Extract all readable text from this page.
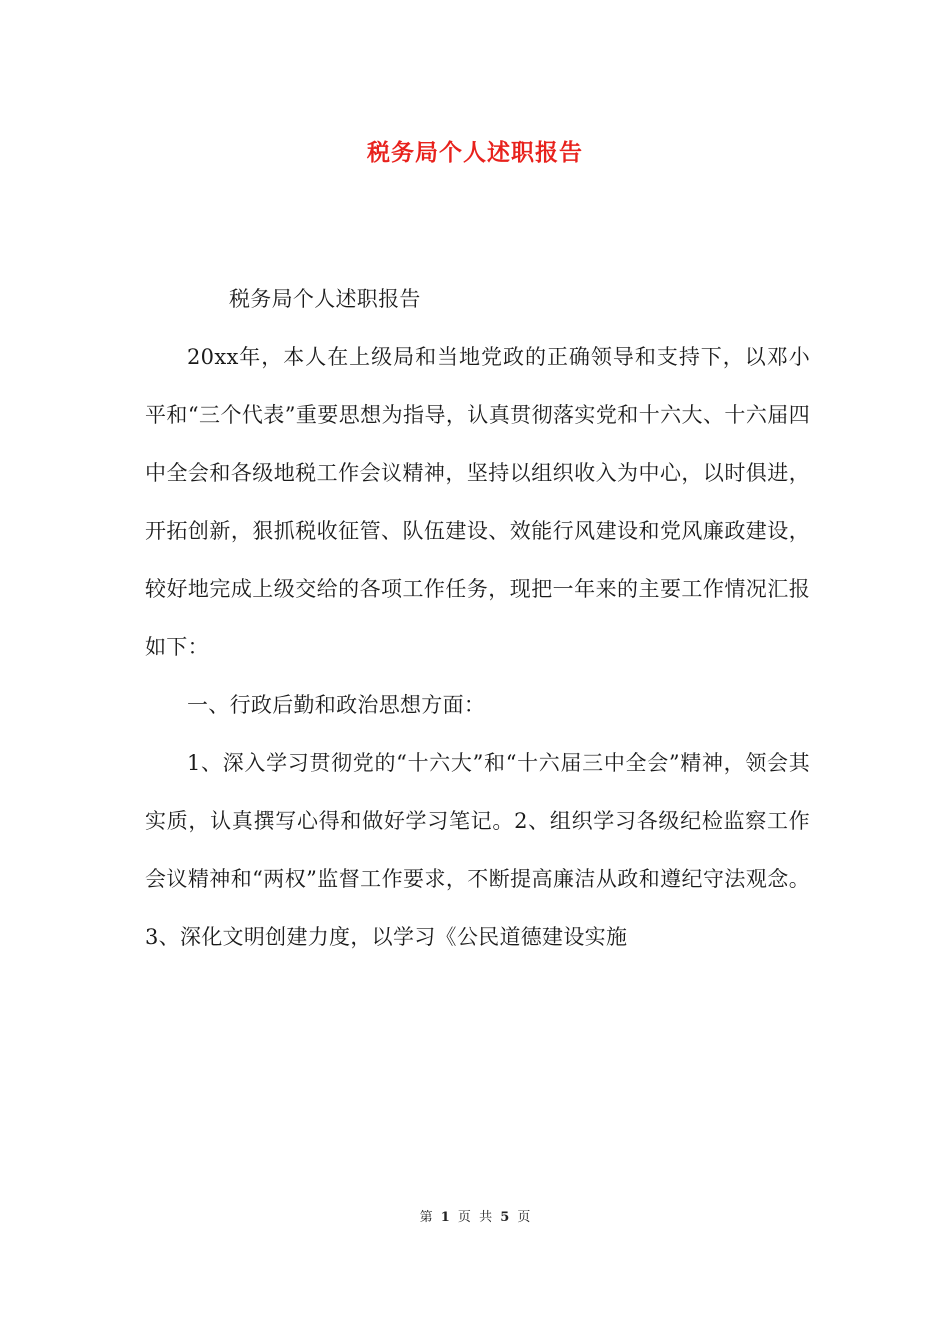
税务局个人述职报告

税务局个人述职报告

20xx年，本人在上级局和当地党政的正确领导和支持下，以邓小平和“三个代表”重要思想为指导，认真贯彻落实党和十六大、十六届四中全会和各级地税工作会议精神，坚持以组织收入为中心，以时俱进，开拓创新，狠抓税收征管、队伍建设、效能行风建设和党风廉政建设，较好地完成上级交给的各项工作任务，现把一年来的主要工作情况汇报如下：

一、行政后勤和政治思想方面：

1、深入学习贯彻党的“十六大”和“十六届三中全会”精神，领会其实质，认真撰写心得和做好学习笔记。2、组织学习各级纪检监察工作会议精神和“两权”监督工作要求，不断提高廉洁从政和遵纪守法观念。3、深化文明创建力度，以学习《公民道德建设实施

第 1 页 共 5 页
